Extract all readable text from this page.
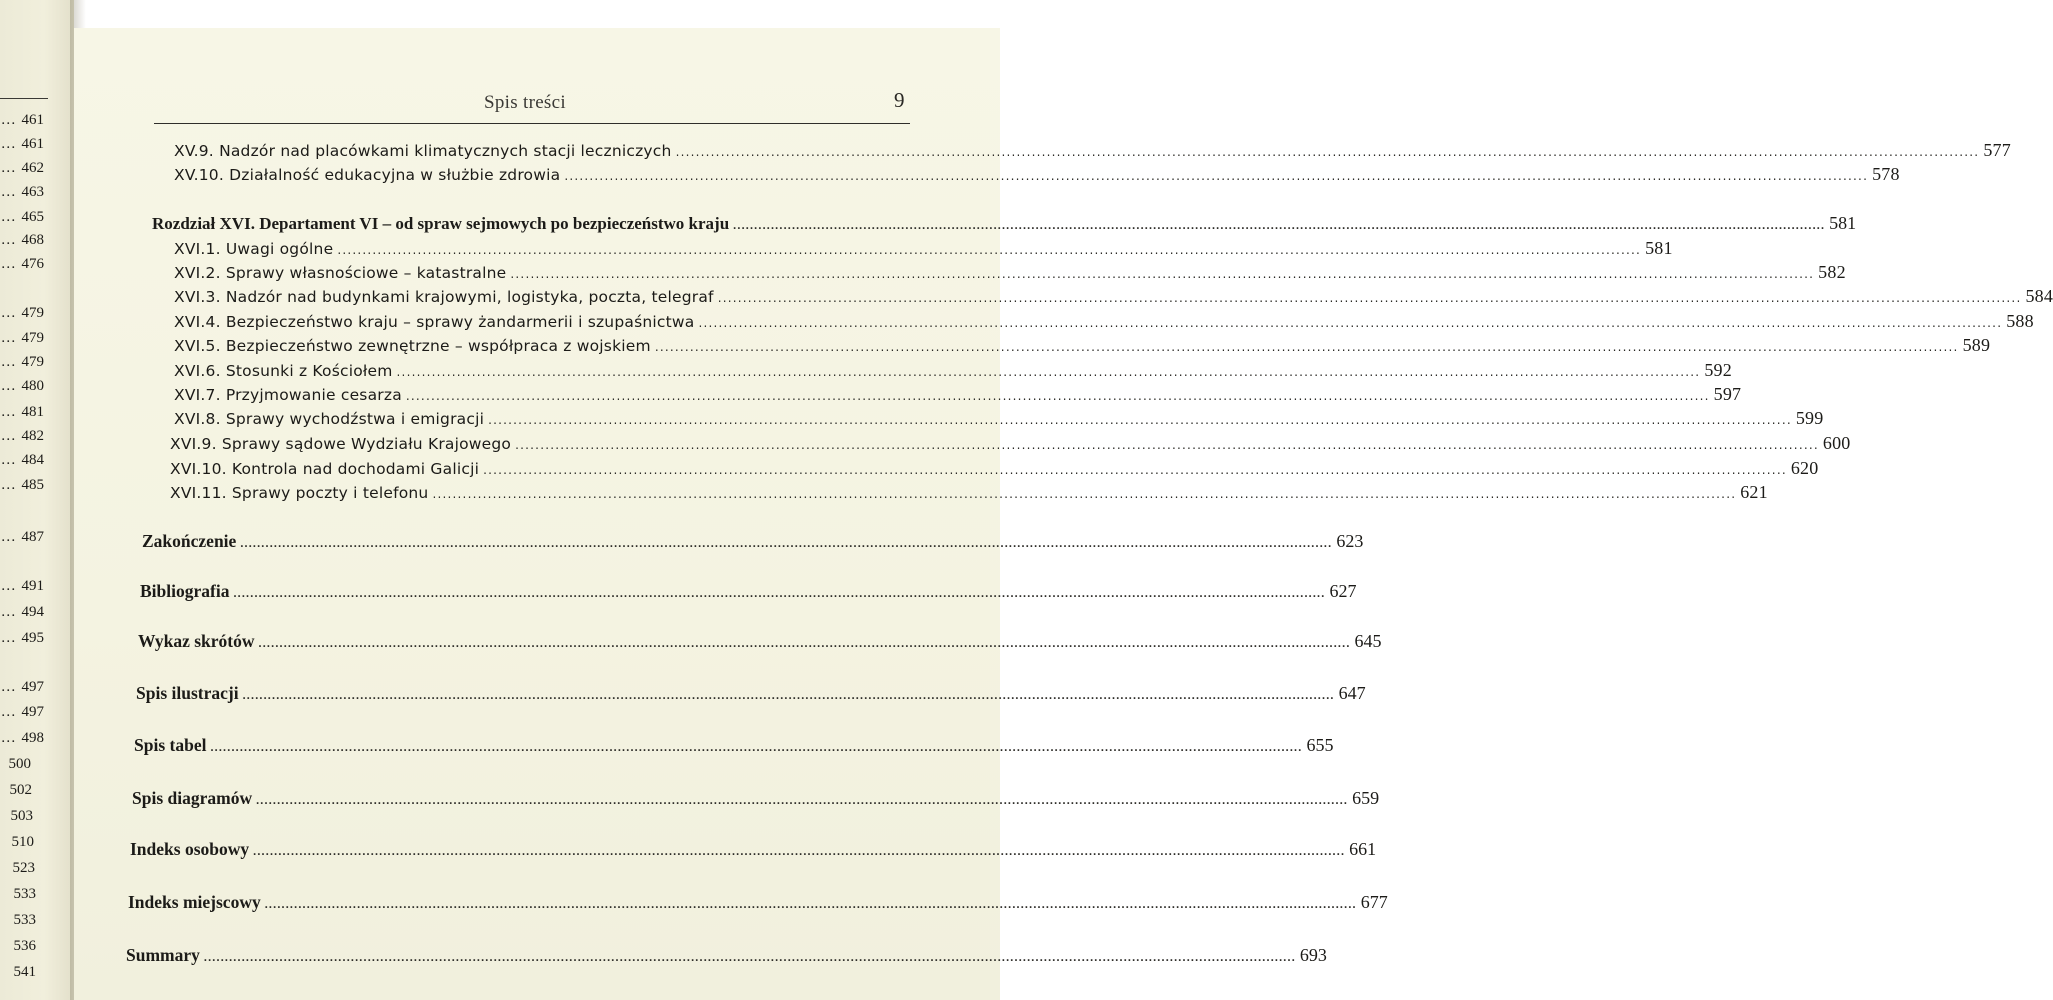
… 461
… 461
… 462
… 463
… 465
… 468
… 476
… 479
… 479
… 479
… 480
… 481
… 482
… 484
… 485
… 487
… 491
… 494
… 495
… 497
… 497
… 498
500
502
503
510
523
533
533
536
541
Spis treści	9
XV.9. Nadzór nad placówkami klimatycznych stacji leczniczych .................................................................................................................................................................................................................................................................... 577
XV.10. Działalność edukacyjna w służbie zdrowia .................................................................................................................................................................................................................................................................... 578
Rozdział XVI. Departament VI – od spraw sejmowych po bezpieczeństwo kraju .................................................................................................................................................................................................................................................................... 581
XVI.1. Uwagi ogólne .................................................................................................................................................................................................................................................................... 581
XVI.2. Sprawy własnościowe – katastralne .................................................................................................................................................................................................................................................................... 582
XVI.3. Nadzór nad budynkami krajowymi, logistyka, poczta, telegraf .................................................................................................................................................................................................................................................................... 584
XVI.4. Bezpieczeństwo kraju – sprawy żandarmerii i szupaśnictwa .................................................................................................................................................................................................................................................................... 588
XVI.5. Bezpieczeństwo zewnętrzne – współpraca z wojskiem .................................................................................................................................................................................................................................................................... 589
XVI.6. Stosunki z Kościołem .................................................................................................................................................................................................................................................................... 592
XVI.7. Przyjmowanie cesarza .................................................................................................................................................................................................................................................................... 597
XVI.8. Sprawy wychodźstwa i emigracji .................................................................................................................................................................................................................................................................... 599
XVI.9. Sprawy sądowe Wydziału Krajowego .................................................................................................................................................................................................................................................................... 600
XVI.10. Kontrola nad dochodami Galicji .................................................................................................................................................................................................................................................................... 620
XVI.11. Sprawy poczty i telefonu .................................................................................................................................................................................................................................................................... 621
Zakończenie .................................................................................................................................................................................................................................................................... 623
Bibliografia .................................................................................................................................................................................................................................................................... 627
Wykaz skrótów .................................................................................................................................................................................................................................................................... 645
Spis ilustracji .................................................................................................................................................................................................................................................................... 647
Spis tabel .................................................................................................................................................................................................................................................................... 655
Spis diagramów .................................................................................................................................................................................................................................................................... 659
Indeks osobowy .................................................................................................................................................................................................................................................................... 661
Indeks miejscowy .................................................................................................................................................................................................................................................................... 677
Summary .................................................................................................................................................................................................................................................................... 693
